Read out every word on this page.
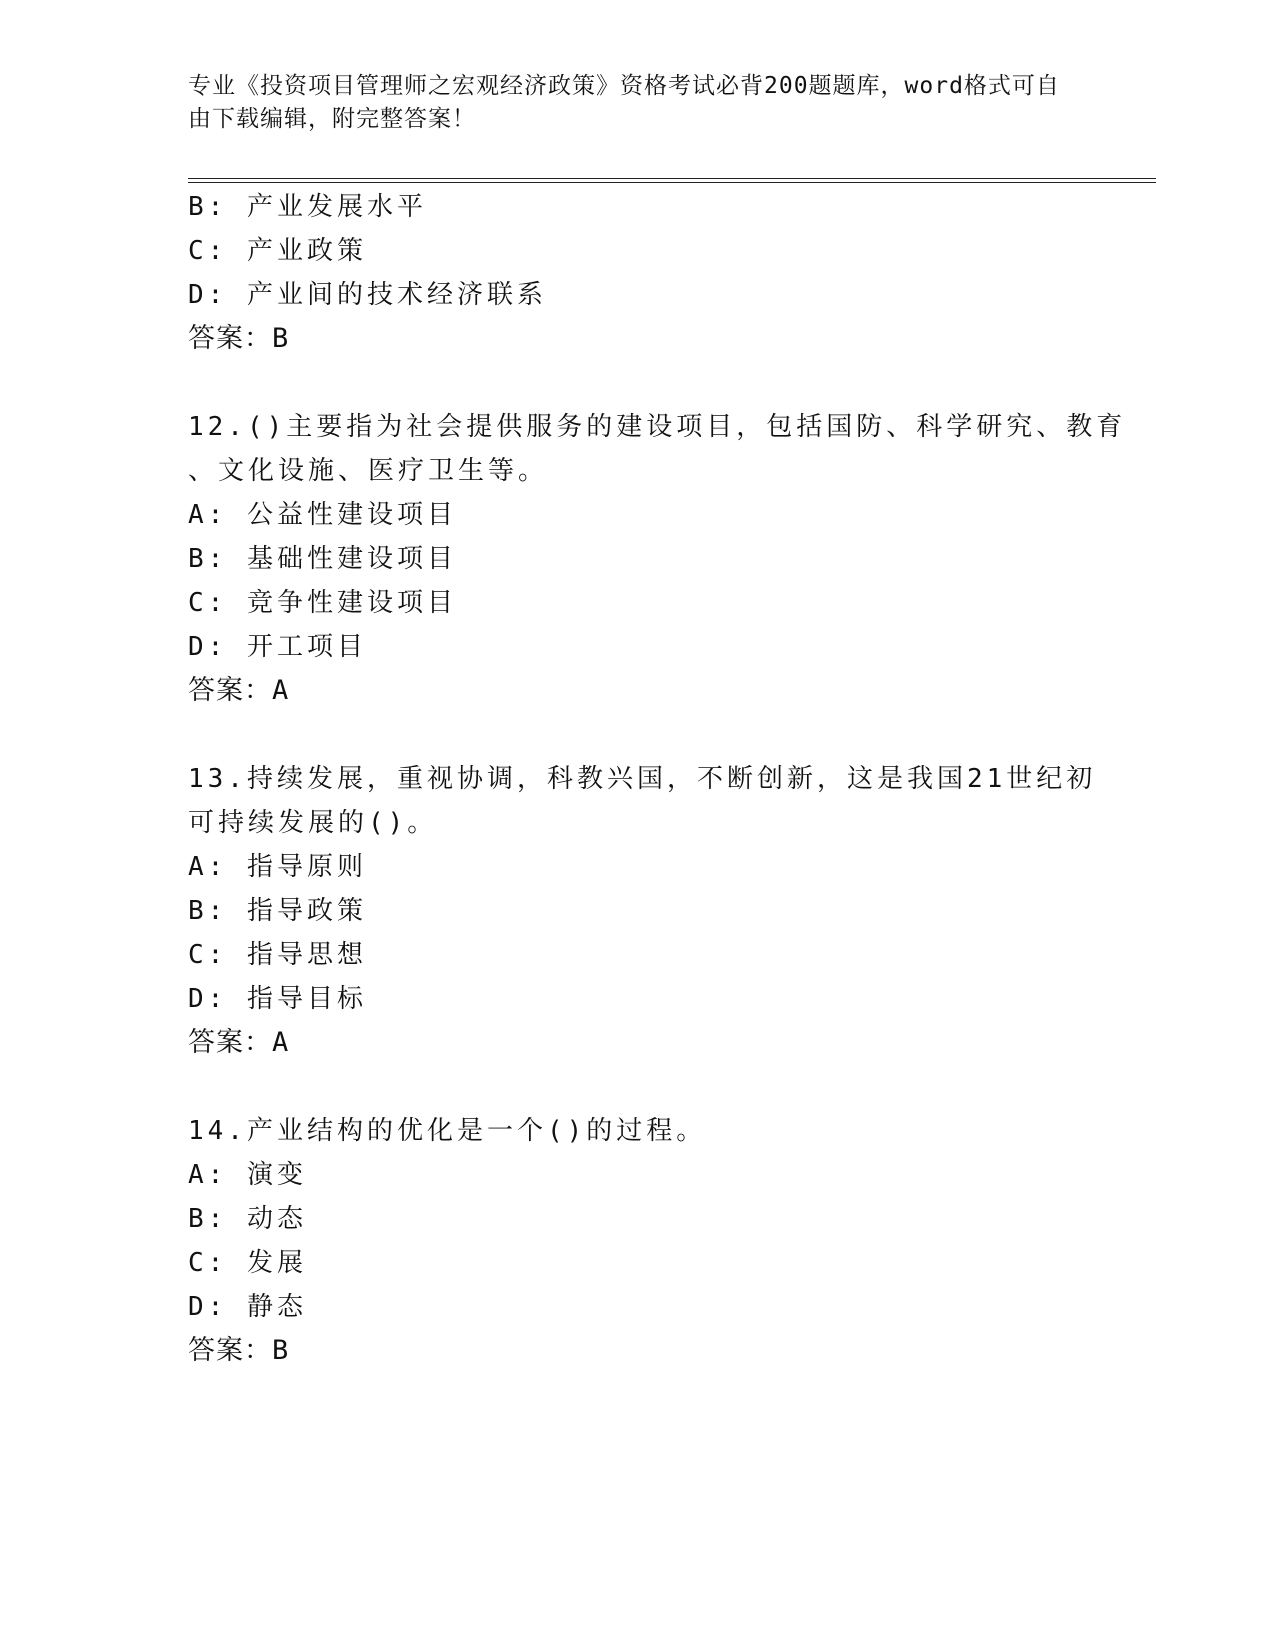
专业《投资项目管理师之宏观经济政策》资格考试必背200题题库，word格式可自由下载编辑，附完整答案！

B: 产业发展水平

C: 产业政策

D: 产业间的技术经济联系

答案：B

12.()主要指为社会提供服务的建设项目，包括国防、科学研究、教育

、文化设施、医疗卫生等。

A: 公益性建设项目

B: 基础性建设项目

C: 竞争性建设项目

D: 开工项目

答案：A

13.持续发展，重视协调，科教兴国，不断创新，这是我国21世纪初

可持续发展的()。

A: 指导原则

B: 指导政策

C: 指导思想

D: 指导目标

答案：A

14.产业结构的优化是一个()的过程。

A: 演变

B: 动态

C: 发展

D: 静态

答案：B
